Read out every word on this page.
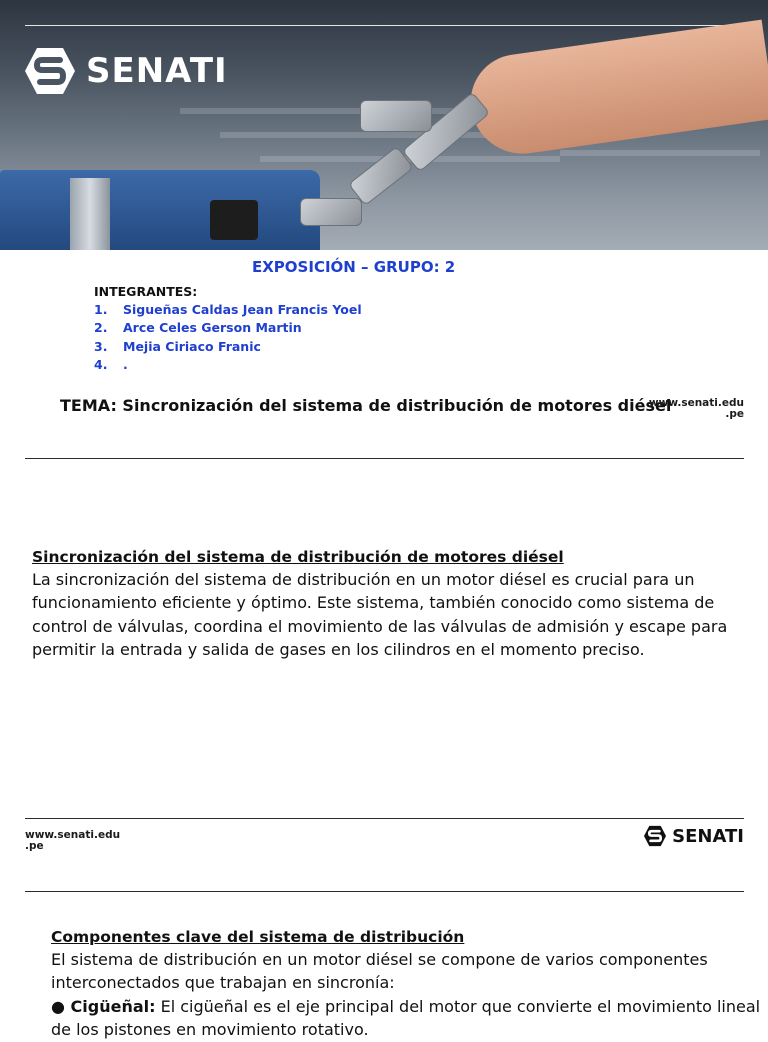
SENATI
EXPOSICIÓN – GRUPO: 2
INTEGRANTES:
1.	Sigueñas Caldas Jean Francis Yoel
2.	Arce Celes Gerson Martin
3.	Mejia Ciriaco Franic
4.	.
TEMA: Sincronización del sistema de distribución de motores diésel
www.senati.edu
.pe
Sincronización del sistema de distribución de motores diésel
La sincronización del sistema de distribución en un motor diésel es crucial para un
funcionamiento eficiente y óptimo. Este sistema, también conocido como sistema de
control de válvulas, coordina el movimiento de las válvulas de admisión y escape para
permitir la entrada y salida de gases en los cilindros en el momento preciso.
www.senati.edu
.pe	SENATI
Componentes clave del sistema de distribución
El sistema de distribución en un motor diésel se compone de varios componentes
interconectados que trabajan en sincronía:
● Cigüeñal: El cigüeñal es el eje principal del motor que convierte el movimiento lineal
de los pistones en movimiento rotativo.
